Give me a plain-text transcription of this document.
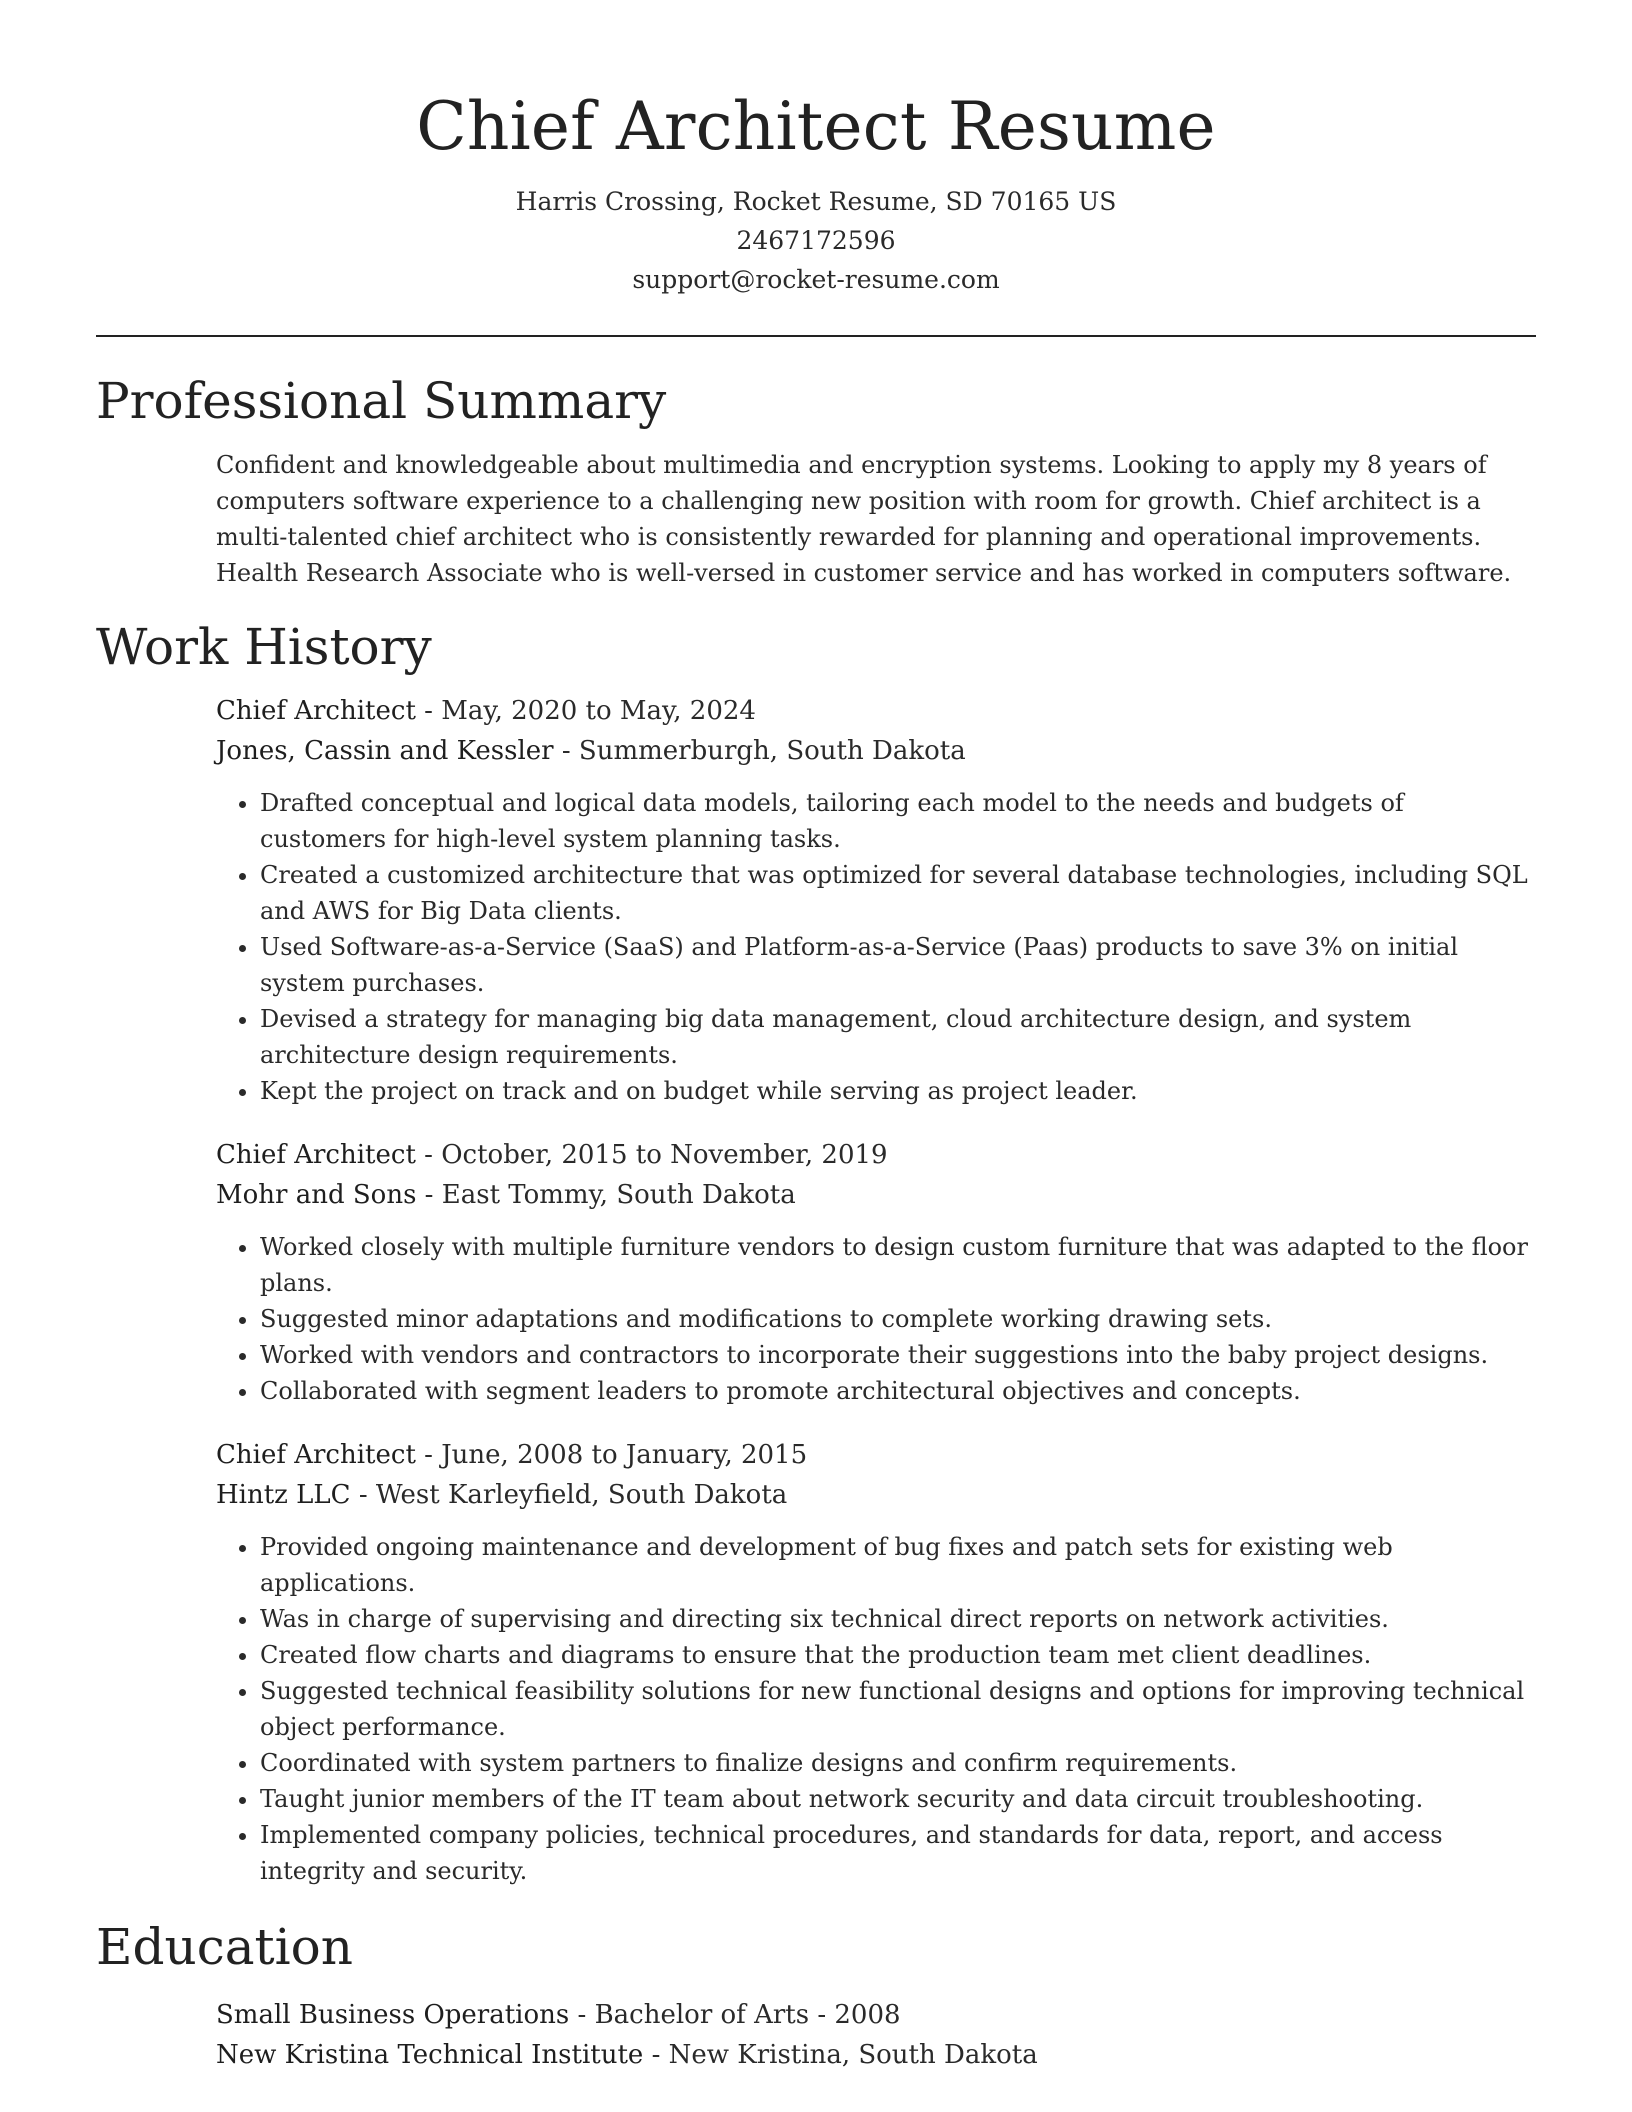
Chief Architect Resume
Harris Crossing, Rocket Resume, SD 70165 US
2467172596
support@rocket-resume.com
Professional Summary

Confident and knowledgeable about multimedia and encryption systems. Looking to apply my 8 years of computers software experience to a challenging new position with room for growth. Chief architect is a multi-talented chief architect who is consistently rewarded for planning and operational improvements. Health Research Associate who is well-versed in customer service and has worked in computers software.

Work History
Chief Architect - May, 2020 to May, 2024
Jones, Cassin and Kessler - Summerburgh, South Dakota
• Drafted conceptual and logical data models, tailoring each model to the needs and budgets of customers for high-level system planning tasks.
• Created a customized architecture that was optimized for several database technologies, including SQL and AWS for Big Data clients.
• Used Software-as-a-Service (SaaS) and Platform-as-a-Service (Paas) products to save 3% on initial system purchases.
• Devised a strategy for managing big data management, cloud architecture design, and system architecture design requirements.
• Kept the project on track and on budget while serving as project leader.
Chief Architect - October, 2015 to November, 2019
Mohr and Sons - East Tommy, South Dakota
• Worked closely with multiple furniture vendors to design custom furniture that was adapted to the floor plans.
• Suggested minor adaptations and modifications to complete working drawing sets.
• Worked with vendors and contractors to incorporate their suggestions into the baby project designs.
• Collaborated with segment leaders to promote architectural objectives and concepts.
Chief Architect - June, 2008 to January, 2015
Hintz LLC - West Karleyfield, South Dakota
• Provided ongoing maintenance and development of bug fixes and patch sets for existing web applications.
• Was in charge of supervising and directing six technical direct reports on network activities.
• Created flow charts and diagrams to ensure that the production team met client deadlines.
• Suggested technical feasibility solutions for new functional designs and options for improving technical object performance.
• Coordinated with system partners to finalize designs and confirm requirements.
• Taught junior members of the IT team about network security and data circuit troubleshooting.
• Implemented company policies, technical procedures, and standards for data, report, and access integrity and security.
Education
Small Business Operations - Bachelor of Arts - 2008
New Kristina Technical Institute - New Kristina, South Dakota
